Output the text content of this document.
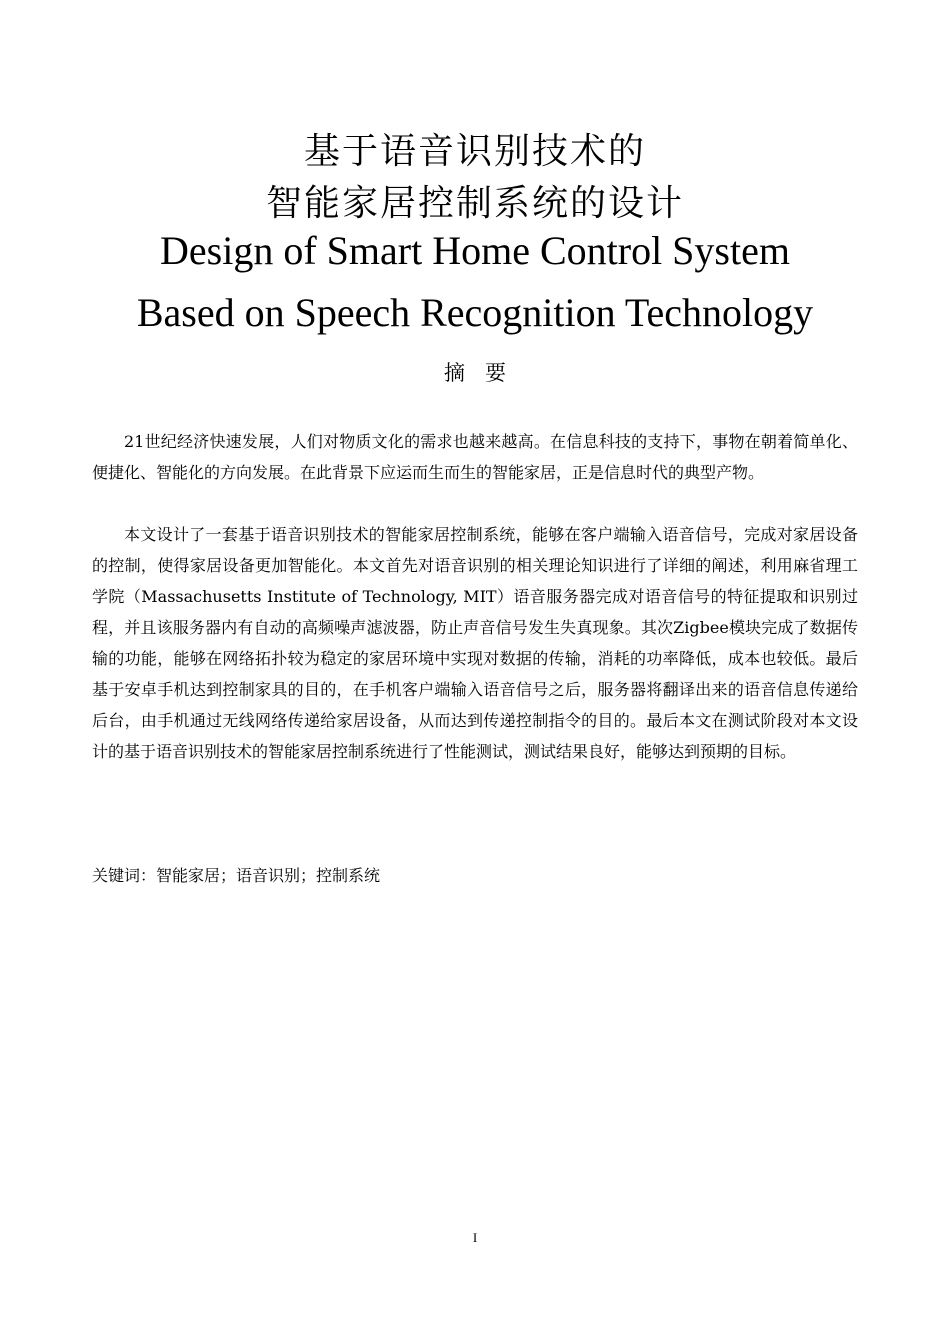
基于语音识别技术的
智能家居控制系统的设计
Design of Smart Home Control System
Based on Speech Recognition Technology
摘要

21世纪经济快速发展，人们对物质文化的需求也越来越高。在信息科技的支持下，事物在朝着简单化、便捷化、智能化的方向发展。在此背景下应运而生而生的智能家居，正是信息时代的典型产物。

本文设计了一套基于语音识别技术的智能家居控制系统，能够在客户端输入语音信号，完成对家居设备的控制，使得家居设备更加智能化。本文首先对语音识别的相关理论知识进行了详细的阐述，利用麻省理工学院（Massachusetts Institute of Technology, MIT）语音服务器完成对语音信号的特征提取和识别过程，并且该服务器内有自动的高频噪声滤波器，防止声音信号发生失真现象。其次Zigbee模块完成了数据传输的功能，能够在网络拓扑较为稳定的家居环境中实现对数据的传输，消耗的功率降低，成本也较低。最后基于安卓手机达到控制家具的目的，在手机客户端输入语音信号之后，服务器将翻译出来的语音信息传递给后台，由手机通过无线网络传递给家居设备，从而达到传递控制指令的目的。最后本文在测试阶段对本文设计的基于语音识别技术的智能家居控制系统进行了性能测试，测试结果良好，能够达到预期的目标。

关键词：智能家居；语音识别；控制系统
I
